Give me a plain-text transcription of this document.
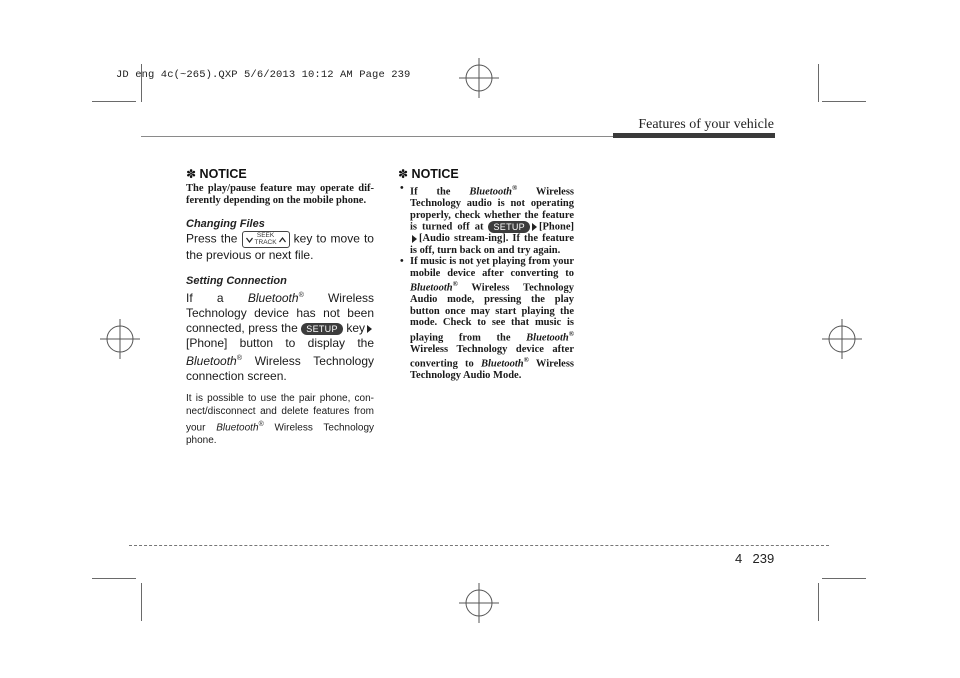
JD eng 4c(~265).QXP 5/6/2013 10:12 AM Page 239
Features of your vehicle
✽ NOTICE

The play/pause feature may operate dif-ferently depending on the mobile phone.

Changing Files

Press the	SEEK
TRACK key to move to the previous or next file.

Setting Connection

If a Bluetooth® Wireless Technology device has not been connected, press the SETUP key[Phone] button to display the Bluetooth® Wireless Technology connection screen.

It is possible to use the pair phone, con-nect/disconnect and delete features from your Bluetooth® Wireless Technology phone.

✽ NOTICE
• If the Bluetooth® Wireless Technology audio is not operating properly, check whether the feature is turned off at SETUP [Phone] [Audio stream-ing]. If the feature is off, turn back on and try again.
• If music is not yet playing from your mobile device after converting to Bluetooth® Wireless Technology Audio mode, pressing the play button once may start playing the mode. Check to see that music is playing from the Bluetooth® Wireless Technology device after converting to Bluetooth® Wireless Technology Audio Mode.
4 239
